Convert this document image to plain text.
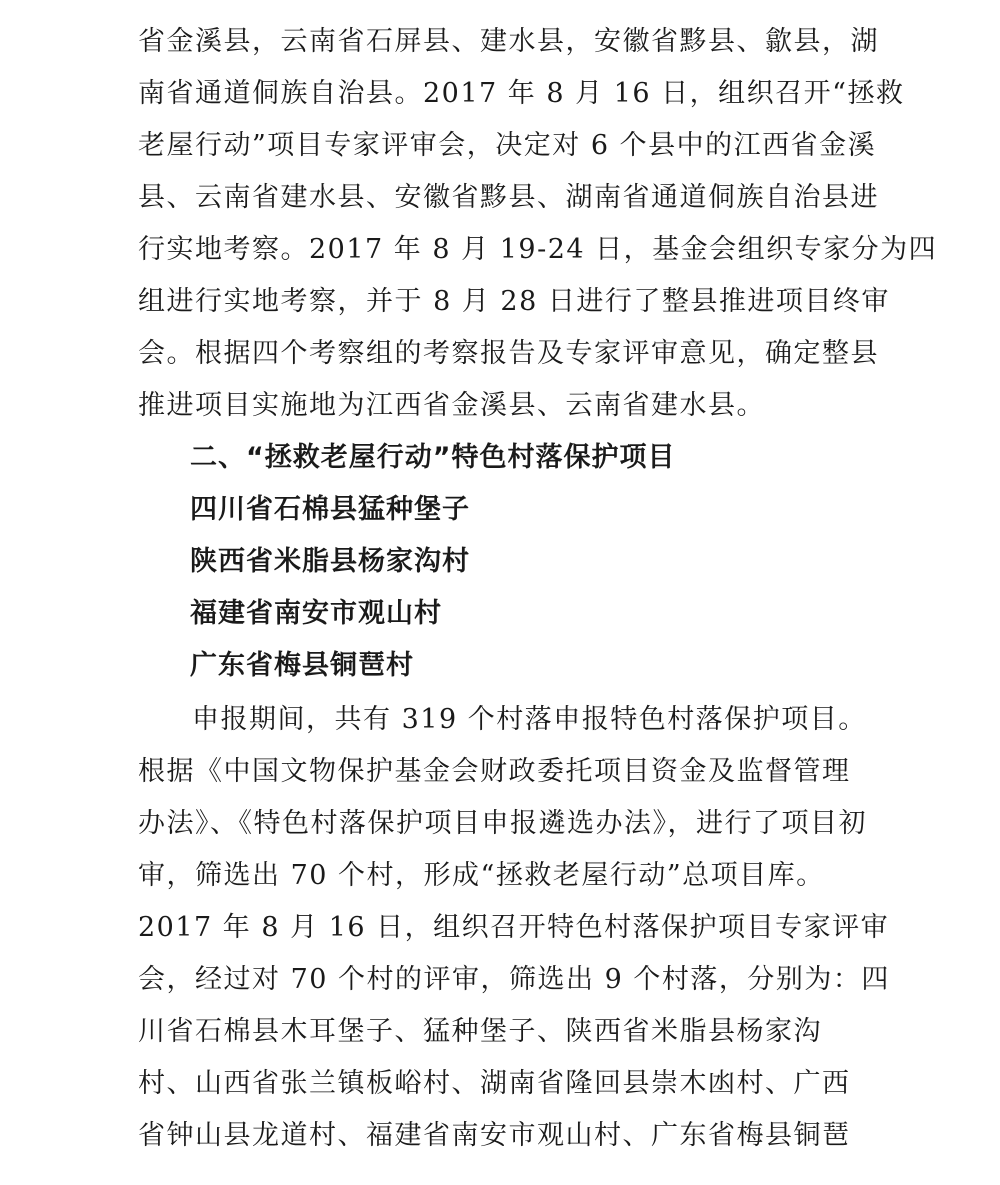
省金溪县，云南省石屏县、建水县，安徽省黟县、歙县，湖
南省通道侗族自治县。2017 年 8 月 16 日，组织召开“拯救
老屋行动”项目专家评审会，决定对 6 个县中的江西省金溪
县、云南省建水县、安徽省黟县、湖南省通道侗族自治县进
行实地考察。2017 年 8 月 19-24 日，基金会组织专家分为四
组进行实地考察，并于 8 月 28 日进行了整县推进项目终审
会。根据四个考察组的考察报告及专家评审意见，确定整县
推进项目实施地为江西省金溪县、云南省建水县。
二、“拯救老屋行动”特色村落保护项目
四川省石棉县猛种堡子
陕西省米脂县杨家沟村
福建省南安市观山村
广东省梅县铜琶村
申报期间，共有 319 个村落申报特色村落保护项目。
根据《中国文物保护基金会财政委托项目资金及监督管理
办法》、《特色村落保护项目申报遴选办法》，进行了项目初
审，筛选出 70 个村，形成“拯救老屋行动”总项目库。
2017 年 8 月 16 日，组织召开特色村落保护项目专家评审
会，经过对 70 个村的评审，筛选出 9 个村落，分别为：四
川省石棉县木耳堡子、猛种堡子、陕西省米脂县杨家沟
村、山西省张兰镇板峪村、湖南省隆回县崇木凼村、广西
省钟山县龙道村、福建省南安市观山村、广东省梅县铜琶
